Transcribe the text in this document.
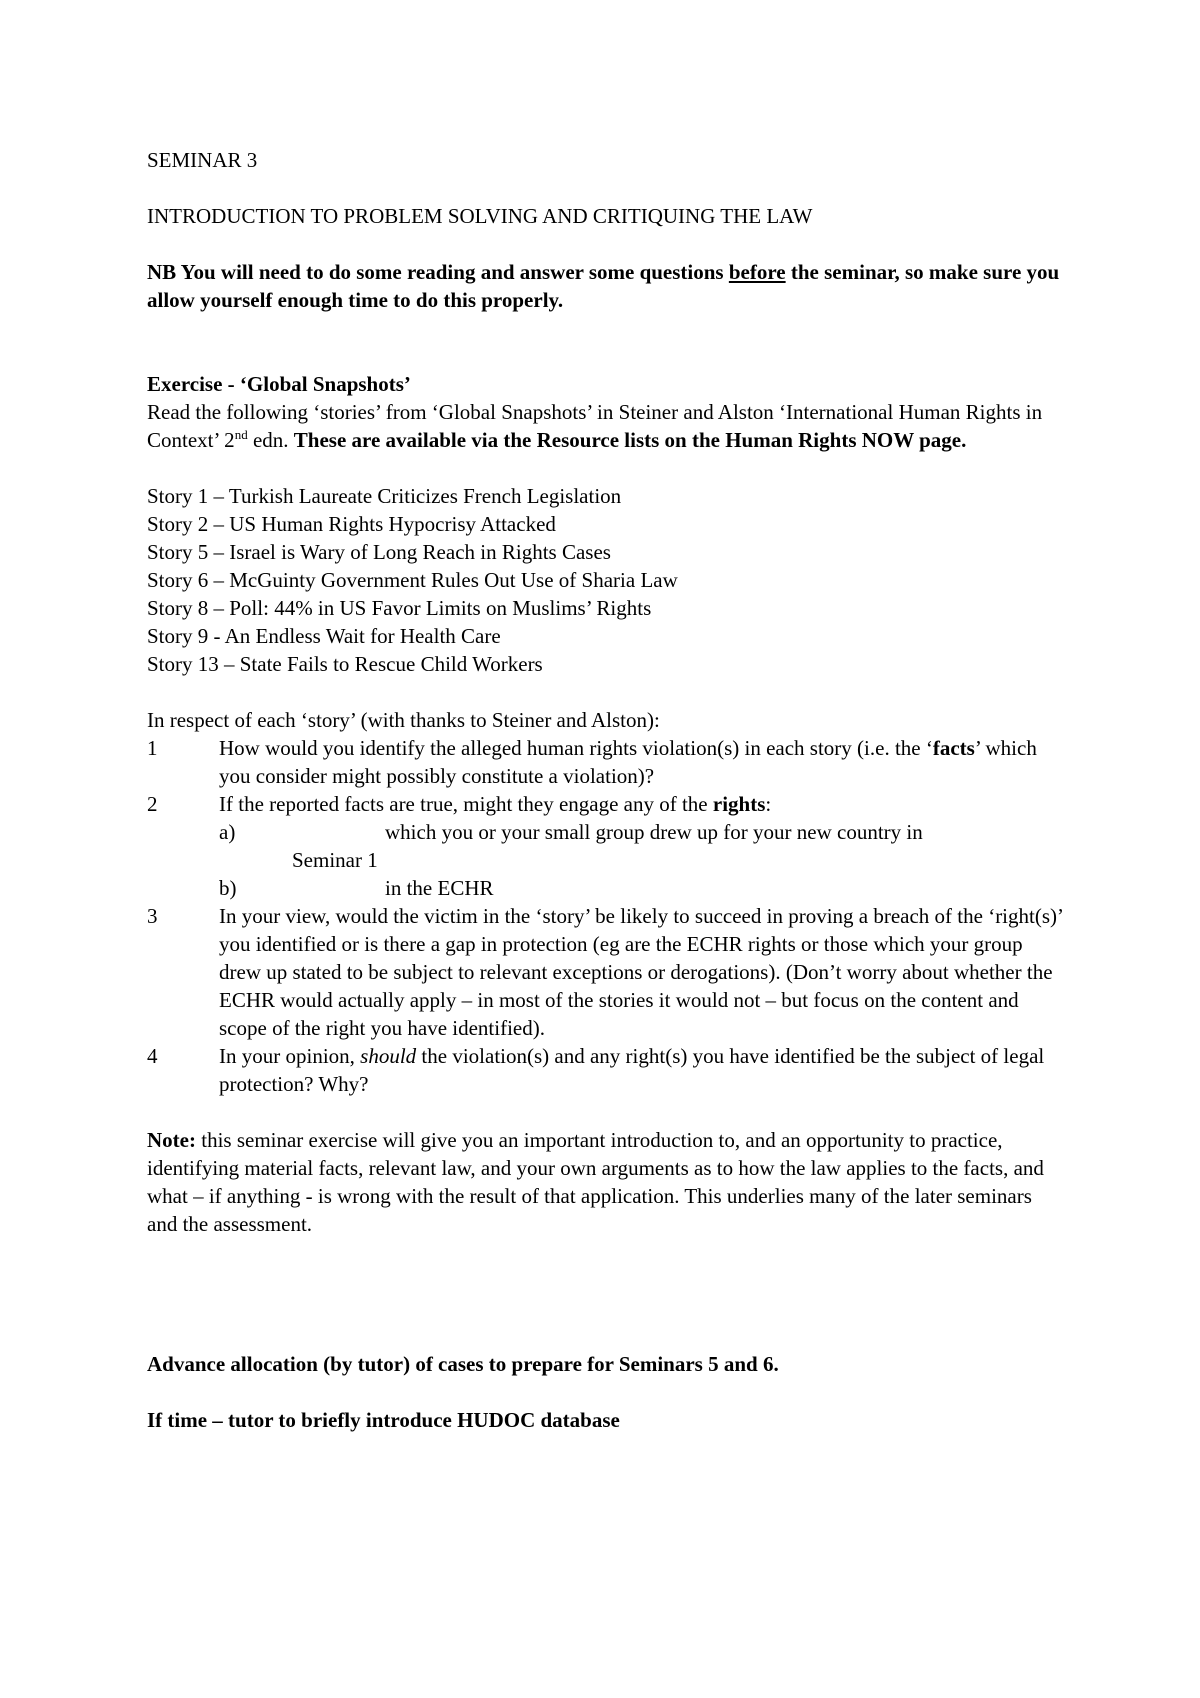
SEMINAR 3

INTRODUCTION TO PROBLEM SOLVING AND CRITIQUING THE LAW

NB You will need to do some reading and answer some questions before the seminar, so make sure you allow yourself enough time to do this properly.

Exercise - ‘Global Snapshots’

Read the following ‘stories’ from ‘Global Snapshots’ in Steiner and Alston ‘International Human Rights in Context’ 2nd edn. These are available via the Resource lists on the Human Rights NOW page.

Story 1 – Turkish Laureate Criticizes French Legislation

Story 2 – US Human Rights Hypocrisy Attacked

Story 5 – Israel is Wary of Long Reach in Rights Cases

Story 6 – McGuinty Government Rules Out Use of Sharia Law

Story 8 – Poll: 44% in US Favor Limits on Muslims’ Rights

Story 9 - An Endless Wait for Health Care

Story 13 – State Fails to Rescue Child Workers

In respect of each ‘story’ (with thanks to Steiner and Alston):

1	How would you identify the alleged human rights violation(s) in each story (i.e. the ‘facts’ which you consider might possibly constitute a violation)?
2	If the reported facts are true, might they engage any of the rights:
a)	which you or your small group drew up for your new country in
Seminar 1
b)	in the ECHR
3	In your view, would the victim in the ‘story’ be likely to succeed in proving a breach of the ‘right(s)’ you identified or is there a gap in protection (eg are the ECHR rights or those which your group drew up stated to be subject to relevant exceptions or derogations). (Don’t worry about whether the ECHR would actually apply – in most of the stories it would not – but focus on the content and scope of the right you have identified).
4	In your opinion, should the violation(s) and any right(s) you have identified be the subject of legal protection? Why?

Note: this seminar exercise will give you an important introduction to, and an opportunity to practice, identifying material facts, relevant law, and your own arguments as to how the law applies to the facts, and what – if anything - is wrong with the result of that application. This underlies many of the later seminars and the assessment.

Advance allocation (by tutor) of cases to prepare for Seminars 5 and 6.

If time – tutor to briefly introduce HUDOC database
